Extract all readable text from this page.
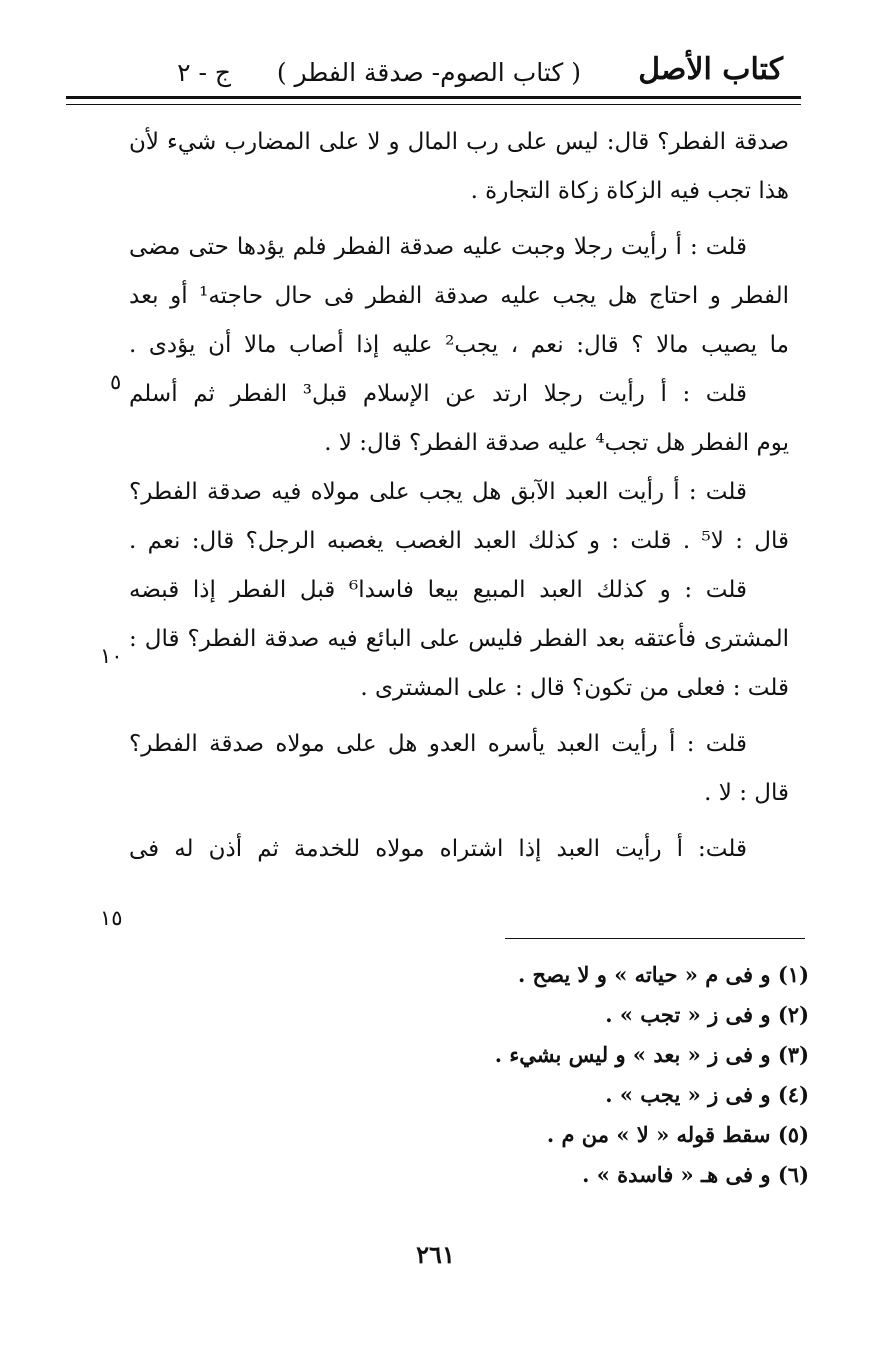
كتاب الأصل
( كتاب الصوم- صدقة الفطر )
ج - ٢
صدقة الفطر؟ قال: ليس على رب المال و لا على المضارب شيء لأن
هذا تجب فيه الزكاة زكاة التجارة .
قلت : أ رأيت رجلا وجبت عليه صدقة الفطر فلم يؤدها حتى مضى
الفطر و احتاج هل يجب عليه صدقة الفطر فى حال حاجته¹ أو بعد
ما يصيب مالا ؟ قال: نعم ، يجب² عليه إذا أصاب مالا أن يؤدى .
قلت : أ رأيت رجلا ارتد عن الإسلام قبل³ الفطر ثم أسلم
يوم الفطر هل تجب⁴ عليه صدقة الفطر؟ قال: لا .
قلت : أ رأيت العبد الآبق هل يجب على مولاه فيه صدقة الفطر؟
قال : لا⁵ . قلت : و كذلك العبد الغصب يغصبه الرجل؟ قال: نعم .
قلت : و كذلك العبد المبيع بيعا فاسدا⁶ قبل الفطر إذا قبضه
المشترى فأعتقه بعد الفطر فليس على البائع فيه صدقة الفطر؟ قال :
قلت : فعلى من تكون؟ قال : على المشترى .
قلت : أ رأيت العبد يأسره العدو هل على مولاه صدقة الفطر؟
قال : لا .
قلت: أ رأيت العبد إذا اشتراه مولاه للخدمة ثم أذن له فى
٥
١٠
١٥
(١) و فى م « حياته » و لا يصح .
(٢) و فى ز « تجب » .
(٣) و فى ز « بعد » و ليس بشيء .
(٤) و فى ز « يجب » .
(٥) سقط قوله « لا » من م .
(٦) و فى هـ « فاسدة » .
٢٦١
